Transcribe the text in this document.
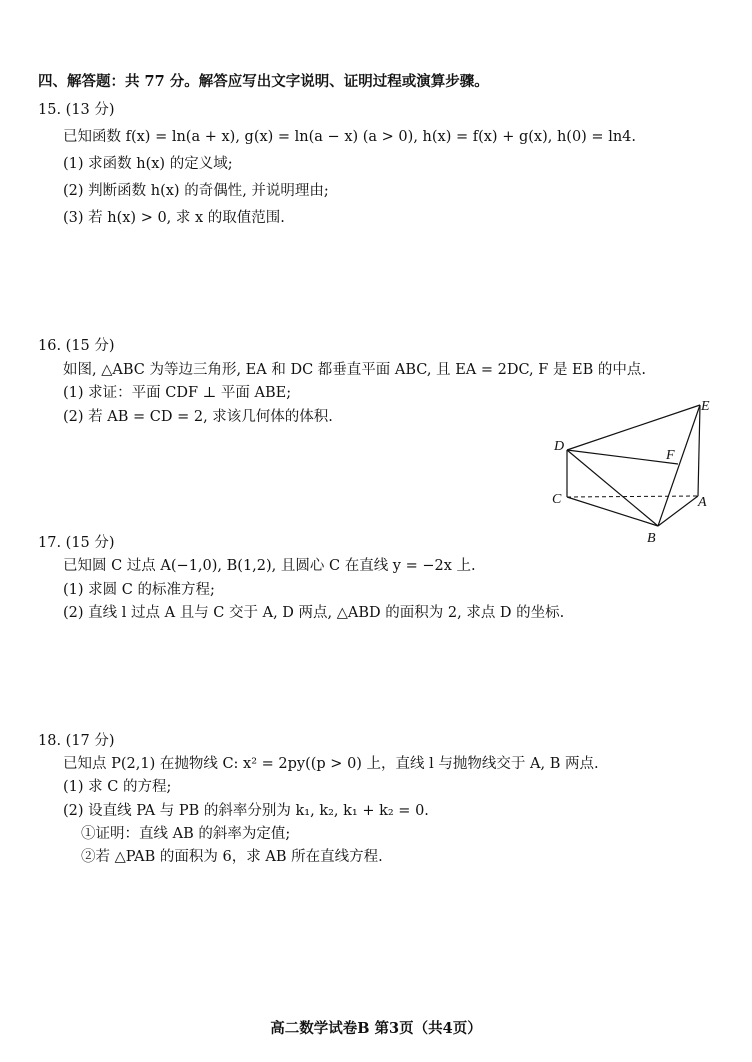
四、解答题：共 77 分。解答应写出文字说明、证明过程或演算步骤。
15. (13 分)
已知函数 f(x) = ln(a + x), g(x) = ln(a − x) (a > 0), h(x) = f(x) + g(x), h(0) = ln4.
(1) 求函数 h(x) 的定义域;
(2) 判断函数 h(x) 的奇偶性, 并说明理由;
(3) 若 h(x) > 0, 求 x 的取值范围.
16. (15 分)
如图, △ABC 为等边三角形, EA 和 DC 都垂直平面 ABC, 且 EA = 2DC, F 是 EB 的中点.
(1) 求证：平面 CDF ⊥ 平面 ABE;
(2) 若 AB = CD = 2, 求该几何体的体积.
E
D
F
C	A
B
17. (15 分)
已知圆 C 过点 A(−1,0), B(1,2), 且圆心 C 在直线 y = −2x 上.
(1) 求圆 C 的标准方程;
(2) 直线 l 过点 A 且与 C 交于 A, D 两点, △ABD 的面积为 2, 求点 D 的坐标.
18. (17 分)
已知点 P(2,1) 在抛物线 C: x² = 2py((p > 0) 上，直线 l 与抛物线交于 A, B 两点.
(1) 求 C 的方程;
(2) 设直线 PA 与 PB 的斜率分别为 k₁, k₂, k₁ + k₂ = 0.
①证明：直线 AB 的斜率为定值;
②若 △PAB 的面积为 6，求 AB 所在直线方程.
高二数学试卷B 第3页（共4页）
